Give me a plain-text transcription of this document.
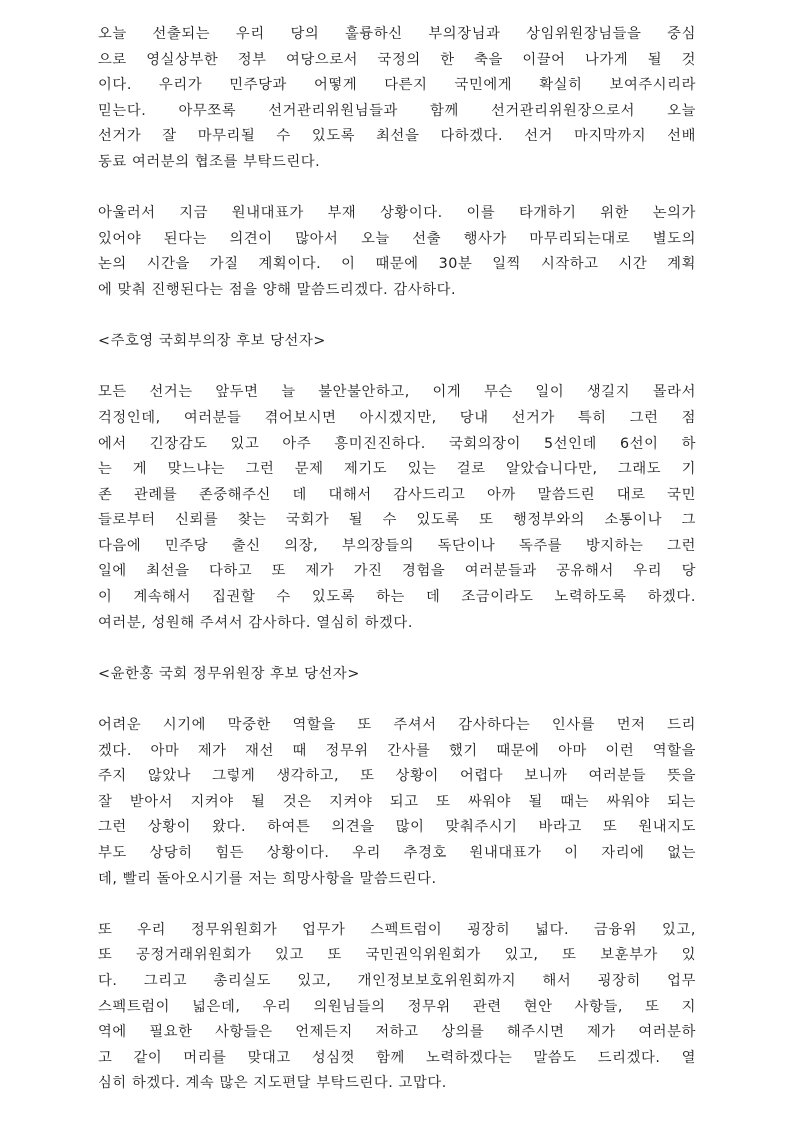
오늘 선출되는 우리 당의 훌륭하신 부의장님과 상임위원장님들을 중심
으로 영실상부한 정부 여당으로서 국정의 한 축을 이끌어 나가게 될 것
이다. 우리가 민주당과 어떻게 다른지 국민에게 확실히 보여주시리라
믿는다. 아무쪼록 선거관리위원님들과 함께 선거관리위원장으로서 오늘
선거가 잘 마무리될 수 있도록 최선을 다하겠다. 선거 마지막까지 선배
동료 여러분의 협조를 부탁드린다.
아울러서 지금 원내대표가 부재 상황이다. 이를 타개하기 위한 논의가
있어야 된다는 의견이 많아서 오늘 선출 행사가 마무리되는대로 별도의
논의 시간을 가질 계획이다. 이 때문에 30분 일찍 시작하고 시간 계획
에 맞춰 진행된다는 점을 양해 말씀드리겠다. 감사하다.
<주호영 국회부의장 후보 당선자>
모든 선거는 앞두면 늘 불안불안하고, 이게 무슨 일이 생길지 몰라서
걱정인데, 여러분들 겪어보시면 아시겠지만, 당내 선거가 특히 그런 점
에서 긴장감도 있고 아주 흥미진진하다. 국회의장이 5선인데 6선이 하
는 게 맞느냐는 그런 문제 제기도 있는 걸로 알았습니다만, 그래도 기
존 관례를 존중해주신 데 대해서 감사드리고 아까 말씀드린 대로 국민
들로부터 신뢰를 찾는 국회가 될 수 있도록 또 행정부와의 소통이나 그
다음에 민주당 출신 의장, 부의장들의 독단이나 독주를 방지하는 그런
일에 최선을 다하고 또 제가 가진 경험을 여러분들과 공유해서 우리 당
이 계속해서 집권할 수 있도록 하는 데 조금이라도 노력하도록 하겠다.
여러분, 성원해 주셔서 감사하다. 열심히 하겠다.
<윤한홍 국회 정무위원장 후보 당선자>
어려운 시기에 막중한 역할을 또 주셔서 감사하다는 인사를 먼저 드리
겠다. 아마 제가 재선 때 정무위 간사를 했기 때문에 아마 이런 역할을
주지 않았나 그렇게 생각하고, 또 상황이 어렵다 보니까 여러분들 뜻을
잘 받아서 지켜야 될 것은 지켜야 되고 또 싸워야 될 때는 싸워야 되는
그런 상황이 왔다. 하여튼 의견을 많이 맞춰주시기 바라고 또 원내지도
부도 상당히 힘든 상황이다. 우리 추경호 원내대표가 이 자리에 없는
데, 빨리 돌아오시기를 저는 희망사항을 말씀드린다.
또 우리 정무위원회가 업무가 스펙트럼이 굉장히 넓다. 금융위 있고,
또 공정거래위원회가 있고 또 국민권익위원회가 있고, 또 보훈부가 있
다. 그리고 총리실도 있고, 개인정보보호위원회까지 해서 굉장히 업무
스펙트럼이 넓은데, 우리 의원님들의 정무위 관련 현안 사항들, 또 지
역에 필요한 사항들은 언제든지 저하고 상의를 해주시면 제가 여러분하
고 같이 머리를 맞대고 성심껏 함께 노력하겠다는 말씀도 드리겠다. 열
심히 하겠다. 계속 많은 지도편달 부탁드린다. 고맙다.
